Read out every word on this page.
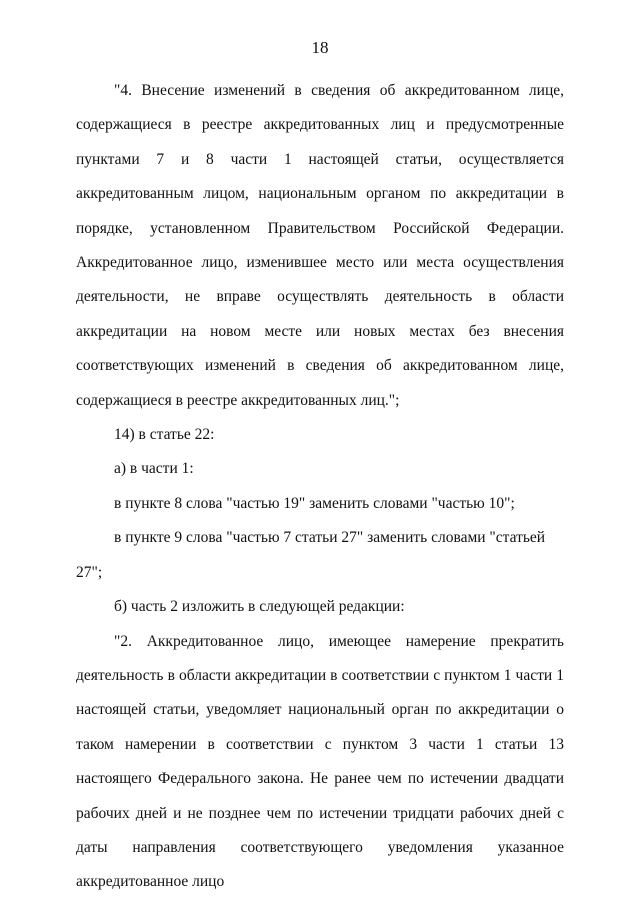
18

"4. Внесение изменений в сведения об аккредитованном лице, содержащиеся в реестре аккредитованных лиц и предусмотренные пунктами 7 и 8 части 1 настоящей статьи, осуществляется аккредитованным лицом, национальным органом по аккредитации в порядке, установленном Правительством Российской Федерации. Аккредитованное лицо, изменившее место или места осуществления деятельности, не вправе осуществлять деятельность в области аккредитации на новом месте или новых местах без внесения соответствующих изменений в сведения об аккредитованном лице, содержащиеся в реестре аккредитованных лиц.";

14) в статье 22:

а) в части 1:

в пункте 8 слова "частью 19" заменить словами "частью 10";

в пункте 9 слова "частью 7 статьи 27" заменить словами "статьей 27";

б) часть 2 изложить в следующей редакции:

"2. Аккредитованное лицо, имеющее намерение прекратить деятельность в области аккредитации в соответствии с пунктом 1 части 1 настоящей статьи, уведомляет национальный орган по аккредитации о таком намерении в соответствии с пунктом 3 части 1 статьи 13 настоящего Федерального закона. Не ранее чем по истечении двадцати рабочих дней и не позднее чем по истечении тридцати рабочих дней с даты направления соответствующего уведомления указанное аккредитованное лицо
